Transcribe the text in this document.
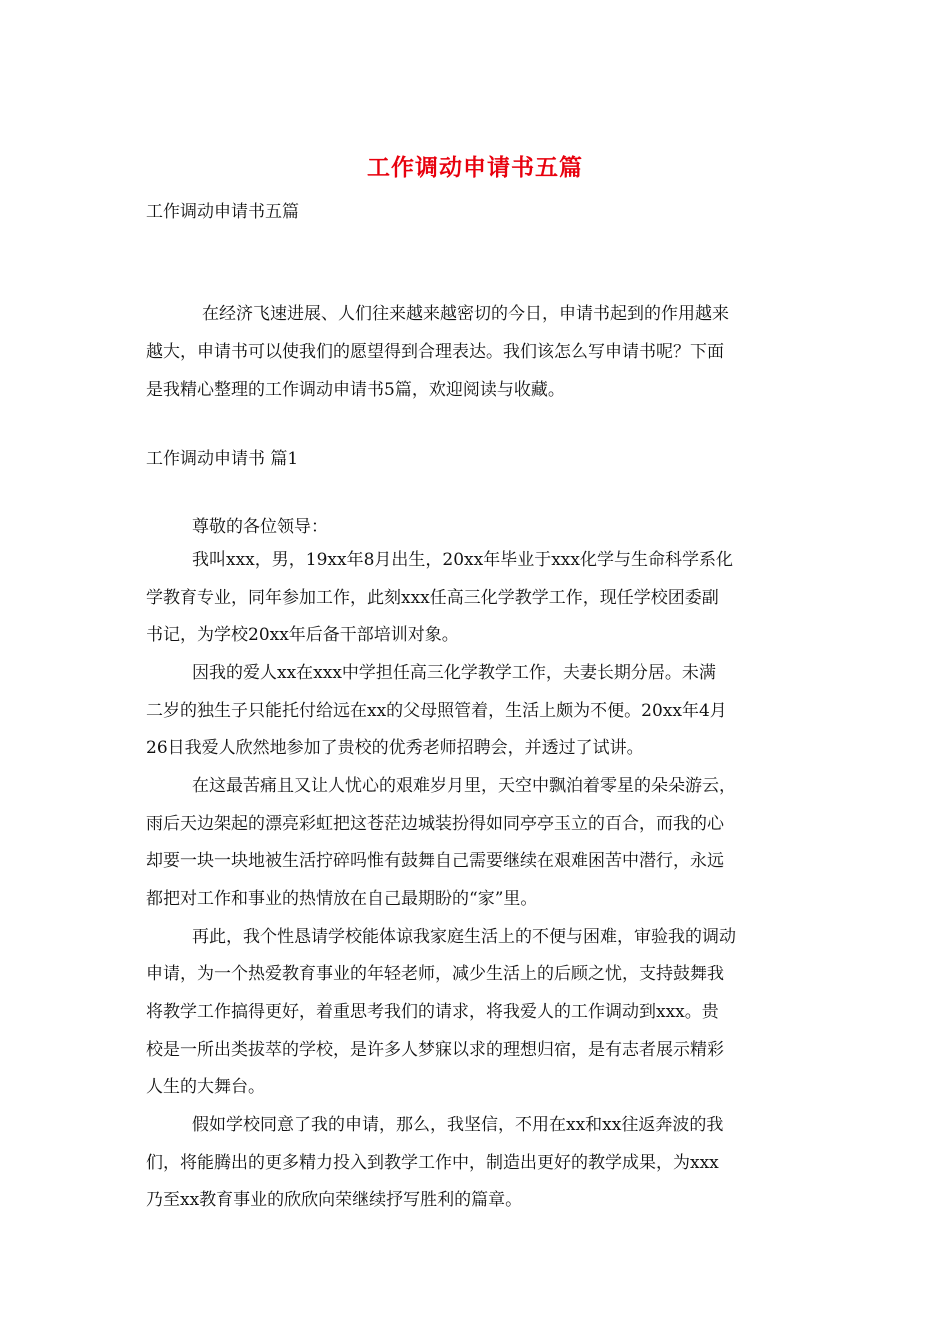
工作调动申请书五篇
工作调动申请书五篇
在经济飞速进展、人们往来越来越密切的今日，申请书起到的作用越来
越大，申请书可以使我们的愿望得到合理表达。我们该怎么写申请书呢？下面
是我精心整理的工作调动申请书5篇，欢迎阅读与收藏。
工作调动申请书 篇1
尊敬的各位领导：
我叫xxx，男，19xx年8月出生，20xx年毕业于xxx化学与生命科学系化
学教育专业，同年参加工作，此刻xxx任高三化学教学工作，现任学校团委副
书记，为学校20xx年后备干部培训对象。
因我的爱人xx在xxx中学担任高三化学教学工作，夫妻长期分居。未满
二岁的独生子只能托付给远在xx的父母照管着，生活上颇为不便。20xx年4月
26日我爱人欣然地参加了贵校的优秀老师招聘会，并透过了试讲。
在这最苦痛且又让人忧心的艰难岁月里，天空中飘泊着零星的朵朵游云，
雨后天边架起的漂亮彩虹把这苍茫边城装扮得如同亭亭玉立的百合，而我的心
却要一块一块地被生活拧碎吗惟有鼓舞自己需要继续在艰难困苦中潜行，永远
都把对工作和事业的热情放在自己最期盼的“家”里。
再此，我个性恳请学校能体谅我家庭生活上的不便与困难，审验我的调动
申请，为一个热爱教育事业的年轻老师，减少生活上的后顾之忧，支持鼓舞我
将教学工作搞得更好，着重思考我们的请求，将我爱人的工作调动到xxx。贵
校是一所出类拔萃的学校，是许多人梦寐以求的理想归宿，是有志者展示精彩
人生的大舞台。
假如学校同意了我的申请，那么，我坚信，不用在xx和xx往返奔波的我
们，将能腾出的更多精力投入到教学工作中，制造出更好的教学成果，为xxx
乃至xx教育事业的欣欣向荣继续抒写胜利的篇章。
